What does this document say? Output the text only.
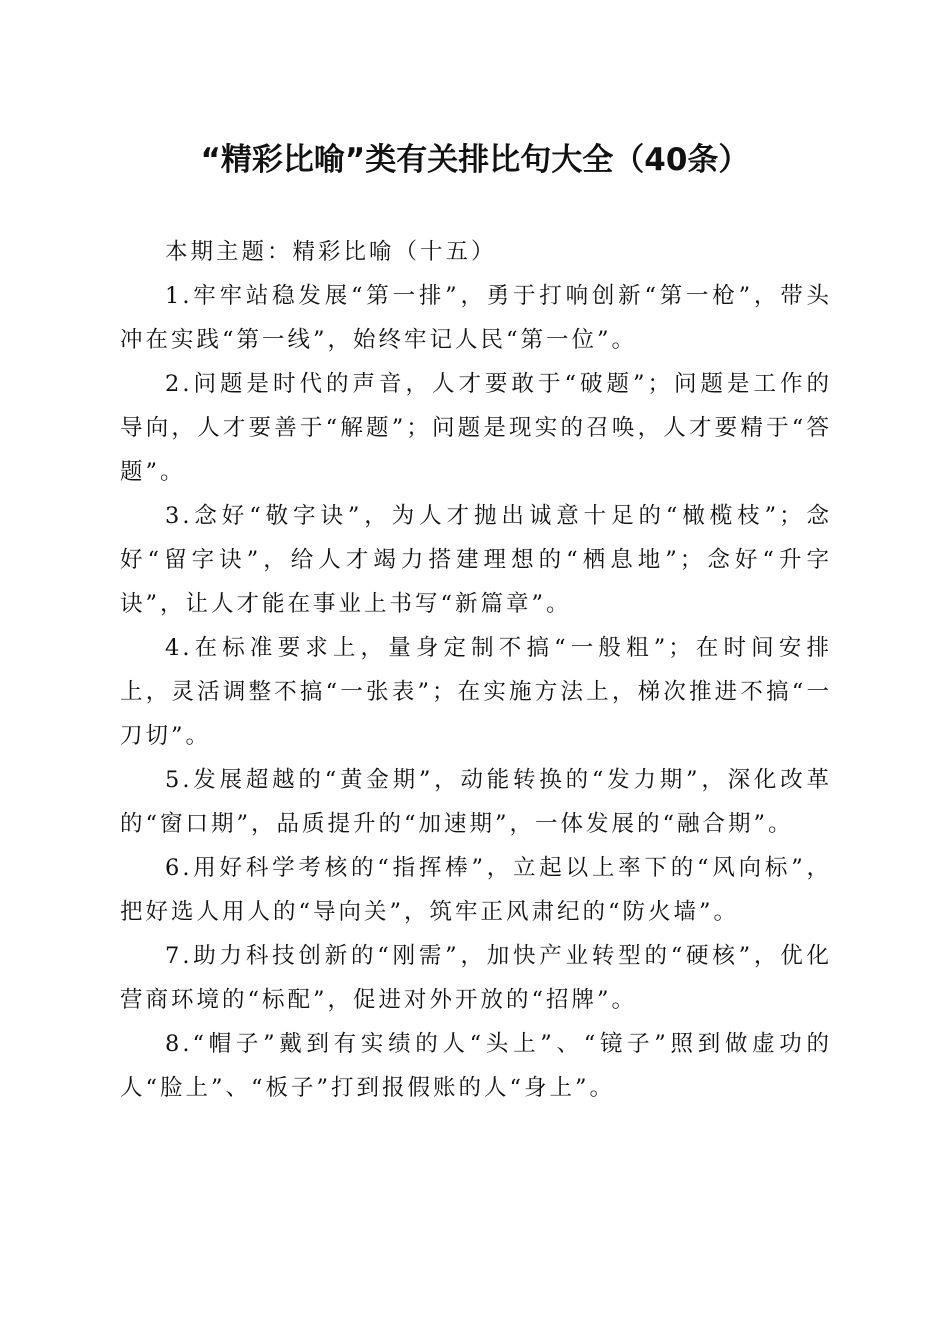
“精彩比喻”类有关排比句大全（40条）

本期主题：精彩比喻（十五）

1.牢牢站稳发展“第一排”，勇于打响创新“第一枪”，带头冲在实践“第一线”，始终牢记人民“第一位”。

2.问题是时代的声音，人才要敢于“破题”；问题是工作的导向，人才要善于“解题”；问题是现实的召唤，人才要精于“答题”。

3.念好“敬字诀”，为人才抛出诚意十足的“橄榄枝”；念好“留字诀”，给人才竭力搭建理想的“栖息地”；念好“升字诀”，让人才能在事业上书写“新篇章”。

4.在标准要求上，量身定制不搞“一般粗”；在时间安排上，灵活调整不搞“一张表”；在实施方法上，梯次推进不搞“一刀切”。

5.发展超越的“黄金期”，动能转换的“发力期”，深化改革的“窗口期”，品质提升的“加速期”，一体发展的“融合期”。

6.用好科学考核的“指挥棒”，立起以上率下的“风向标”，把好选人用人的“导向关”，筑牢正风肃纪的“防火墙”。

7.助力科技创新的“刚需”，加快产业转型的“硬核”，优化营商环境的“标配”，促进对外开放的“招牌”。

8.“帽子”戴到有实绩的人“头上”、“镜子”照到做虚功的人“脸上”、“板子”打到报假账的人“身上”。
